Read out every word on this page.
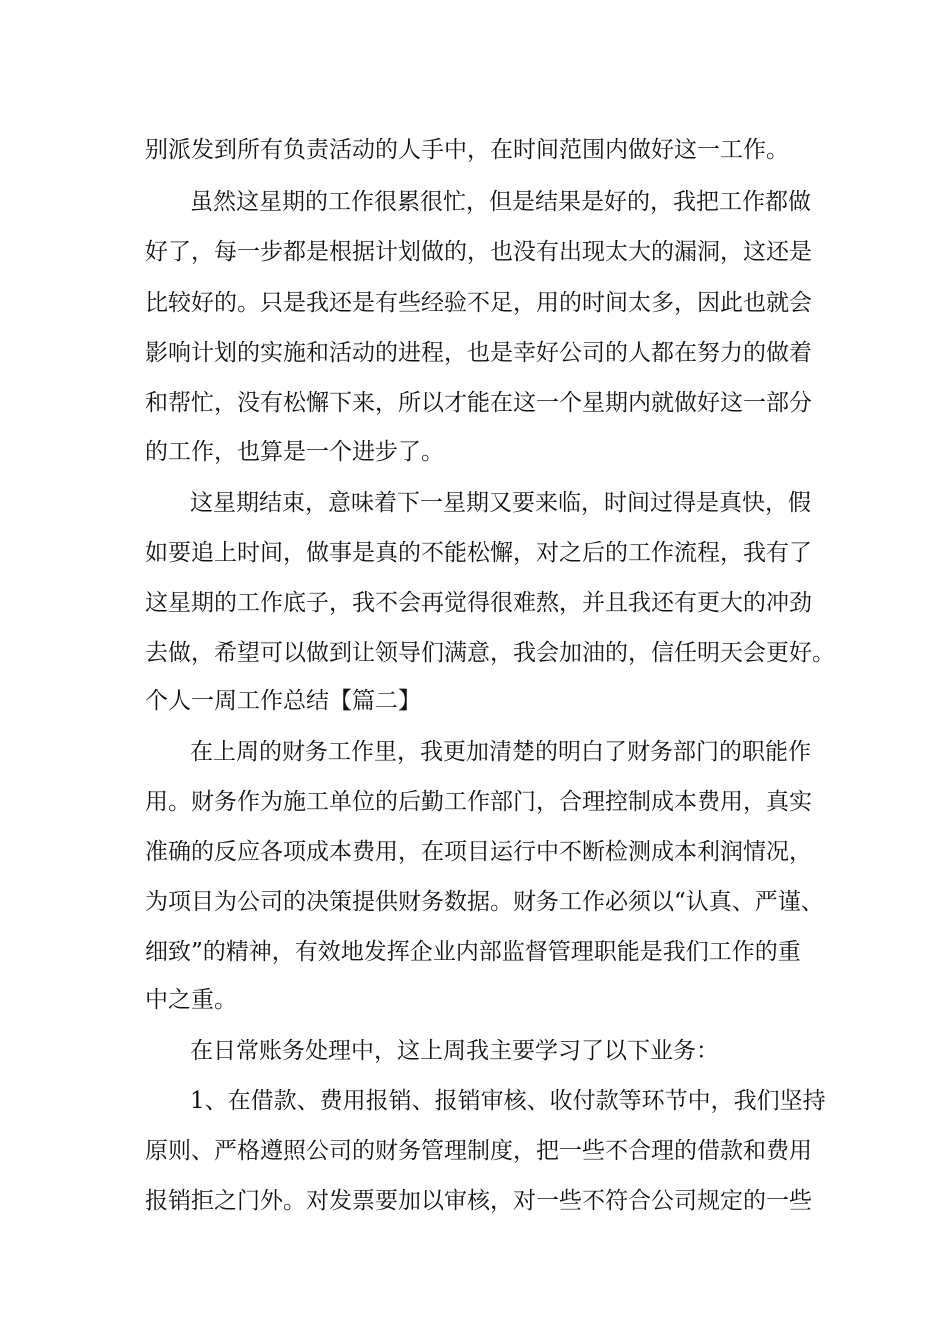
别派发到所有负责活动的人手中，在时间范围内做好这一工作。
虽然这星期的工作很累很忙，但是结果是好的，我把工作都做
好了，每一步都是根据计划做的，也没有出现太大的漏洞，这还是
比较好的。只是我还是有些经验不足，用的时间太多，因此也就会
影响计划的实施和活动的进程，也是幸好公司的人都在努力的做着
和帮忙，没有松懈下来，所以才能在这一个星期内就做好这一部分
的工作，也算是一个进步了。
这星期结束，意味着下一星期又要来临，时间过得是真快，假
如要追上时间，做事是真的不能松懈，对之后的工作流程，我有了
这星期的工作底子，我不会再觉得很难熬，并且我还有更大的冲劲
去做，希望可以做到让领导们满意，我会加油的，信任明天会更好。
个人一周工作总结【篇二】
在上周的财务工作里，我更加清楚的明白了财务部门的职能作
用。财务作为施工单位的后勤工作部门，合理控制成本费用，真实
准确的反应各项成本费用，在项目运行中不断检测成本利润情况，
为项目为公司的决策提供财务数据。财务工作必须以“认真、严谨、
细致”的精神，有效地发挥企业内部监督管理职能是我们工作的重
中之重。
在日常账务处理中，这上周我主要学习了以下业务：
1、在借款、费用报销、报销审核、收付款等环节中，我们坚持
原则、严格遵照公司的财务管理制度，把一些不合理的借款和费用
报销拒之门外。对发票要加以审核，对一些不符合公司规定的一些
